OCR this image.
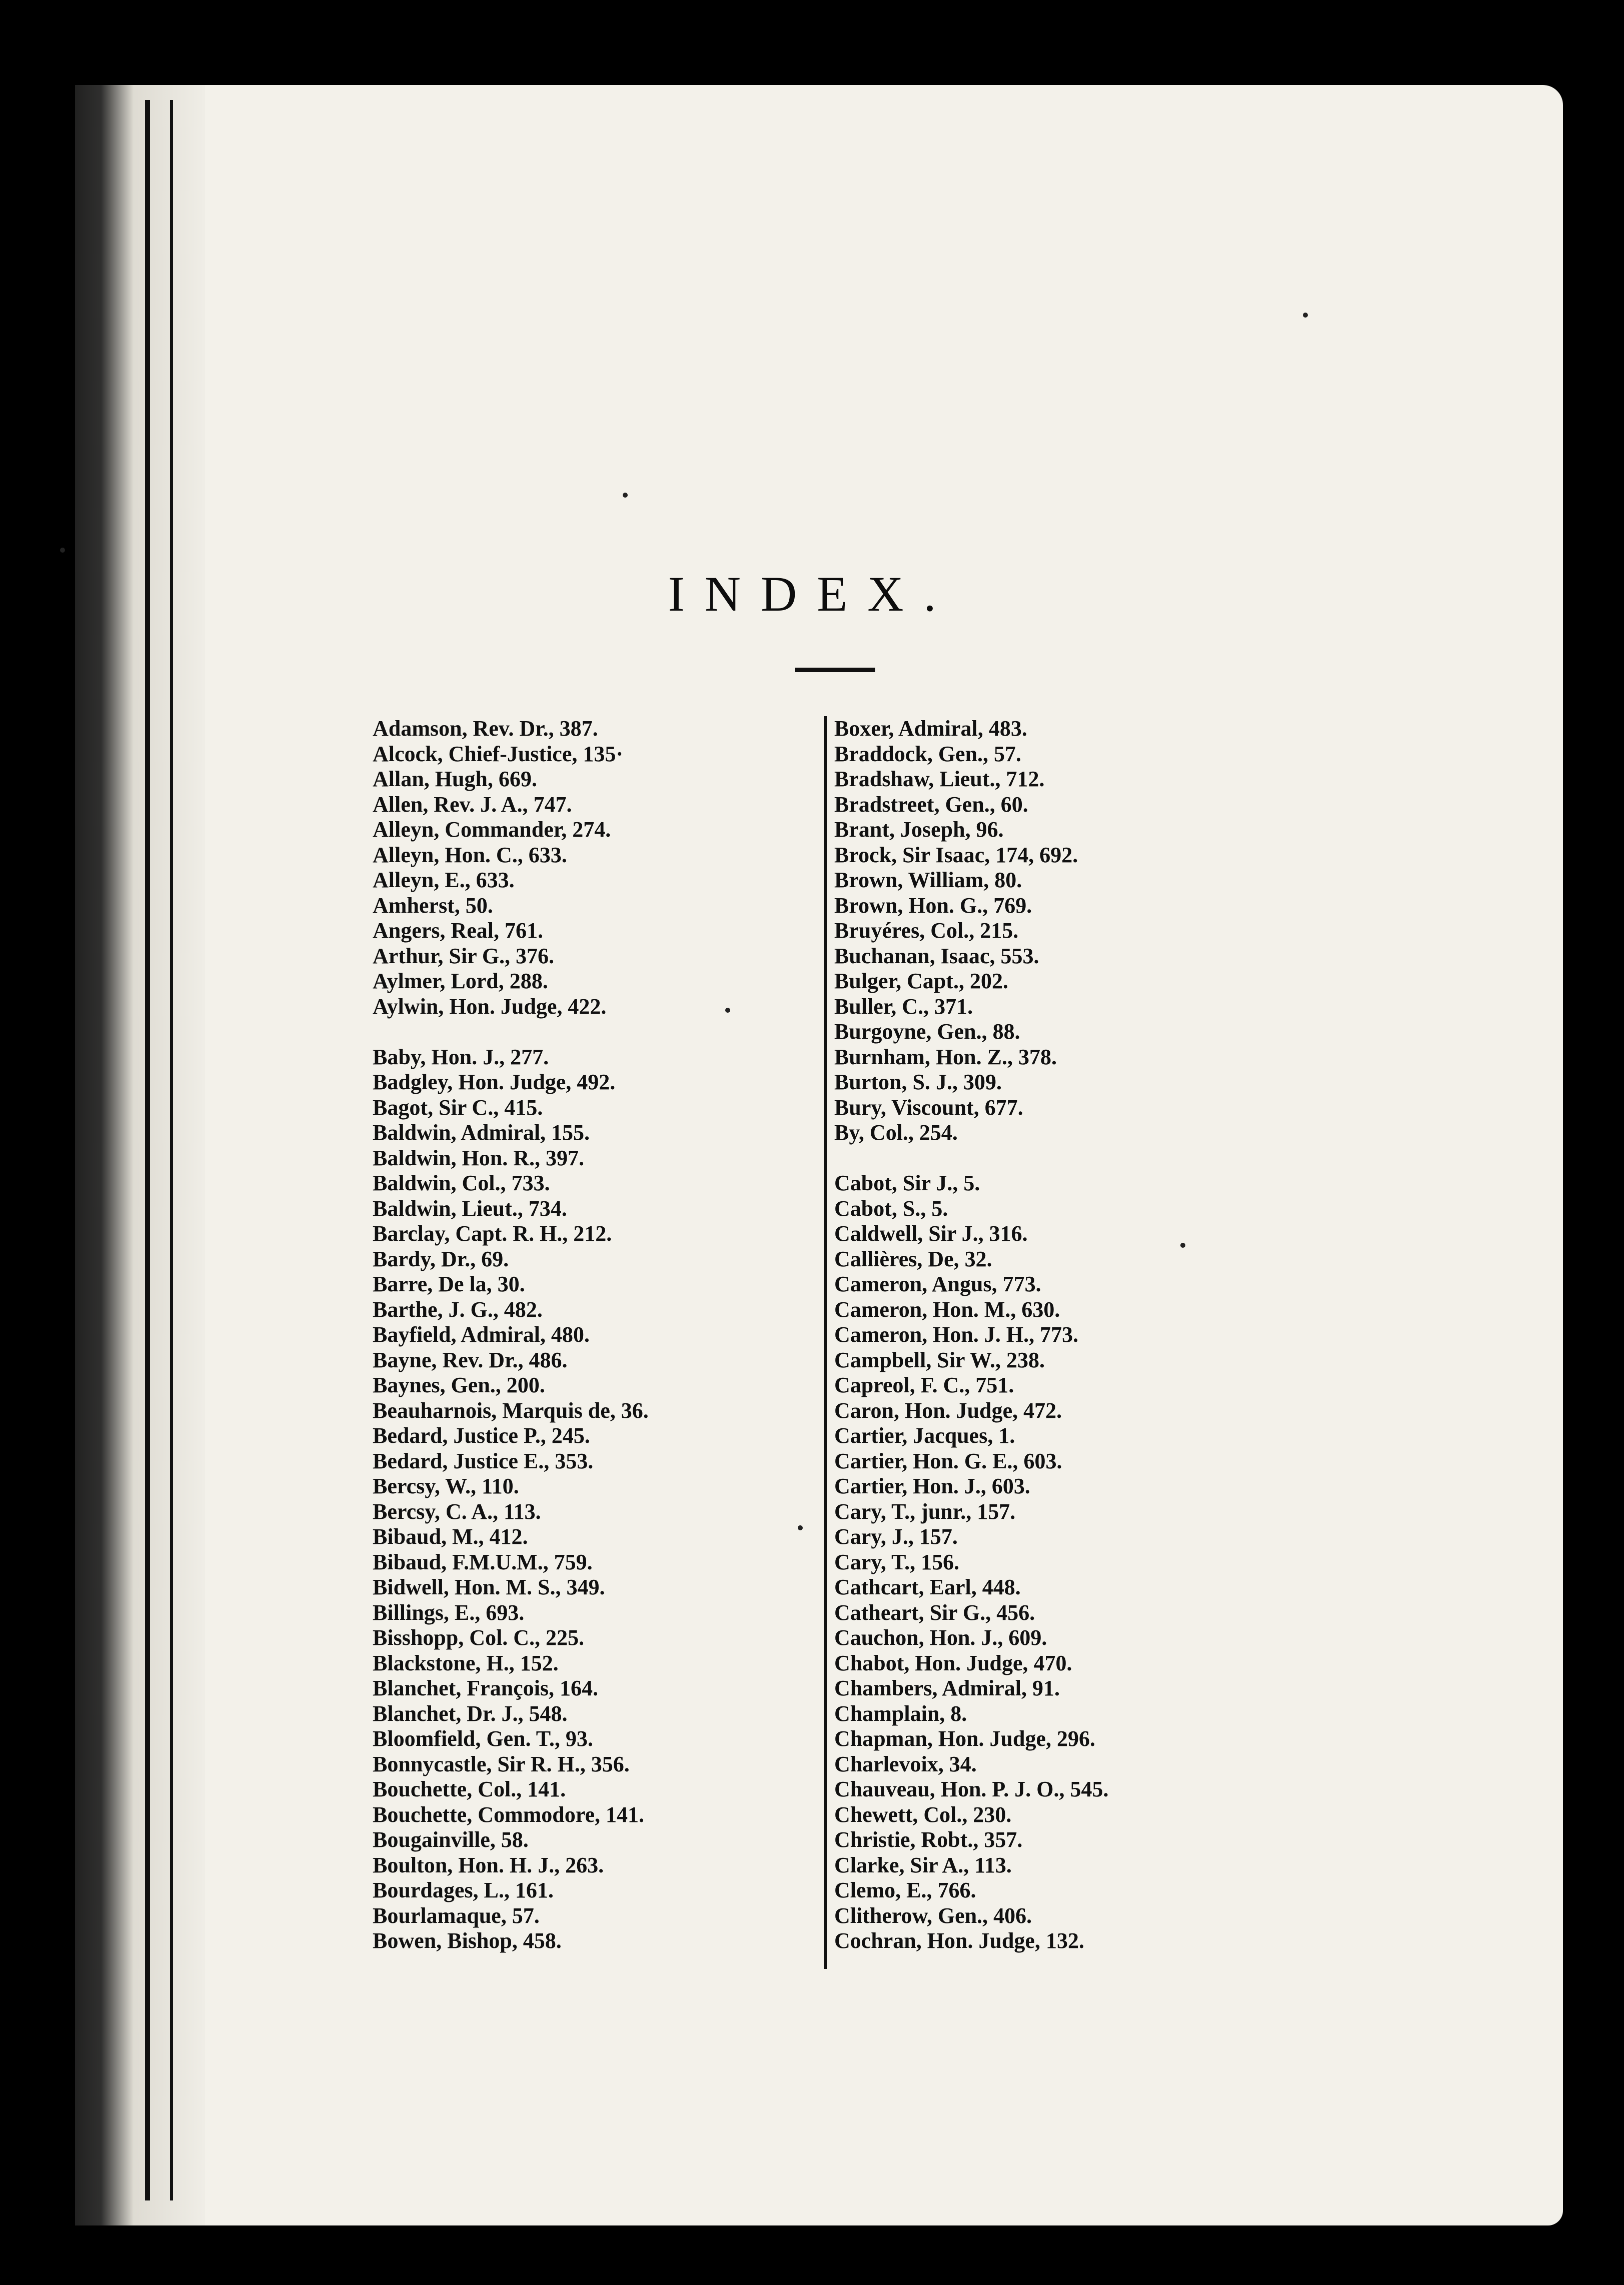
INDEX.
Adamson, Rev. Dr., 387.
Alcock, Chief-Justice, 135·
Allan, Hugh, 669.
Allen, Rev. J. A., 747.
Alleyn, Commander, 274.
Alleyn, Hon. C., 633.
Alleyn, E., 633.
Amherst, 50.
Angers, Real, 761.
Arthur, Sir G., 376.
Aylmer, Lord, 288.
Aylwin, Hon. Judge, 422.
Baby, Hon. J., 277.
Badgley, Hon. Judge, 492.
Bagot, Sir C., 415.
Baldwin, Admiral, 155.
Baldwin, Hon. R., 397.
Baldwin, Col., 733.
Baldwin, Lieut., 734.
Barclay, Capt. R. H., 212.
Bardy, Dr., 69.
Barre, De la, 30.
Barthe, J. G., 482.
Bayfield, Admiral, 480.
Bayne, Rev. Dr., 486.
Baynes, Gen., 200.
Beauharnois, Marquis de, 36.
Bedard, Justice P., 245.
Bedard, Justice E., 353.
Bercsy, W., 110.
Bercsy, C. A., 113.
Bibaud, M., 412.
Bibaud, F.M.U.M., 759.
Bidwell, Hon. M. S., 349.
Billings, E., 693.
Bisshopp, Col. C., 225.
Blackstone, H., 152.
Blanchet, François, 164.
Blanchet, Dr. J., 548.
Bloomfield, Gen. T., 93.
Bonnycastle, Sir R. H., 356.
Bouchette, Col., 141.
Bouchette, Commodore, 141.
Bougainville, 58.
Boulton, Hon. H. J., 263.
Bourdages, L., 161.
Bourlamaque, 57.
Bowen, Bishop, 458.
Boxer, Admiral, 483.
Braddock, Gen., 57.
Bradshaw, Lieut., 712.
Bradstreet, Gen., 60.
Brant, Joseph, 96.
Brock, Sir Isaac, 174, 692.
Brown, William, 80.
Brown, Hon. G., 769.
Bruyéres, Col., 215.
Buchanan, Isaac, 553.
Bulger, Capt., 202.
Buller, C., 371.
Burgoyne, Gen., 88.
Burnham, Hon. Z., 378.
Burton, S. J., 309.
Bury, Viscount, 677.
By, Col., 254.
Cabot, Sir J., 5.
Cabot, S., 5.
Caldwell, Sir J., 316.
Callières, De, 32.
Cameron, Angus, 773.
Cameron, Hon. M., 630.
Cameron, Hon. J. H., 773.
Campbell, Sir W., 238.
Capreol, F. C., 751.
Caron, Hon. Judge, 472.
Cartier, Jacques, 1.
Cartier, Hon. G. E., 603.
Cartier, Hon. J., 603.
Cary, T., junr., 157.
Cary, J., 157.
Cary, T., 156.
Cathcart, Earl, 448.
Catheart, Sir G., 456.
Cauchon, Hon. J., 609.
Chabot, Hon. Judge, 470.
Chambers, Admiral, 91.
Champlain, 8.
Chapman, Hon. Judge, 296.
Charlevoix, 34.
Chauveau, Hon. P. J. O., 545.
Chewett, Col., 230.
Christie, Robt., 357.
Clarke, Sir A., 113.
Clemo, E., 766.
Clitherow, Gen., 406.
Cochran, Hon. Judge, 132.
